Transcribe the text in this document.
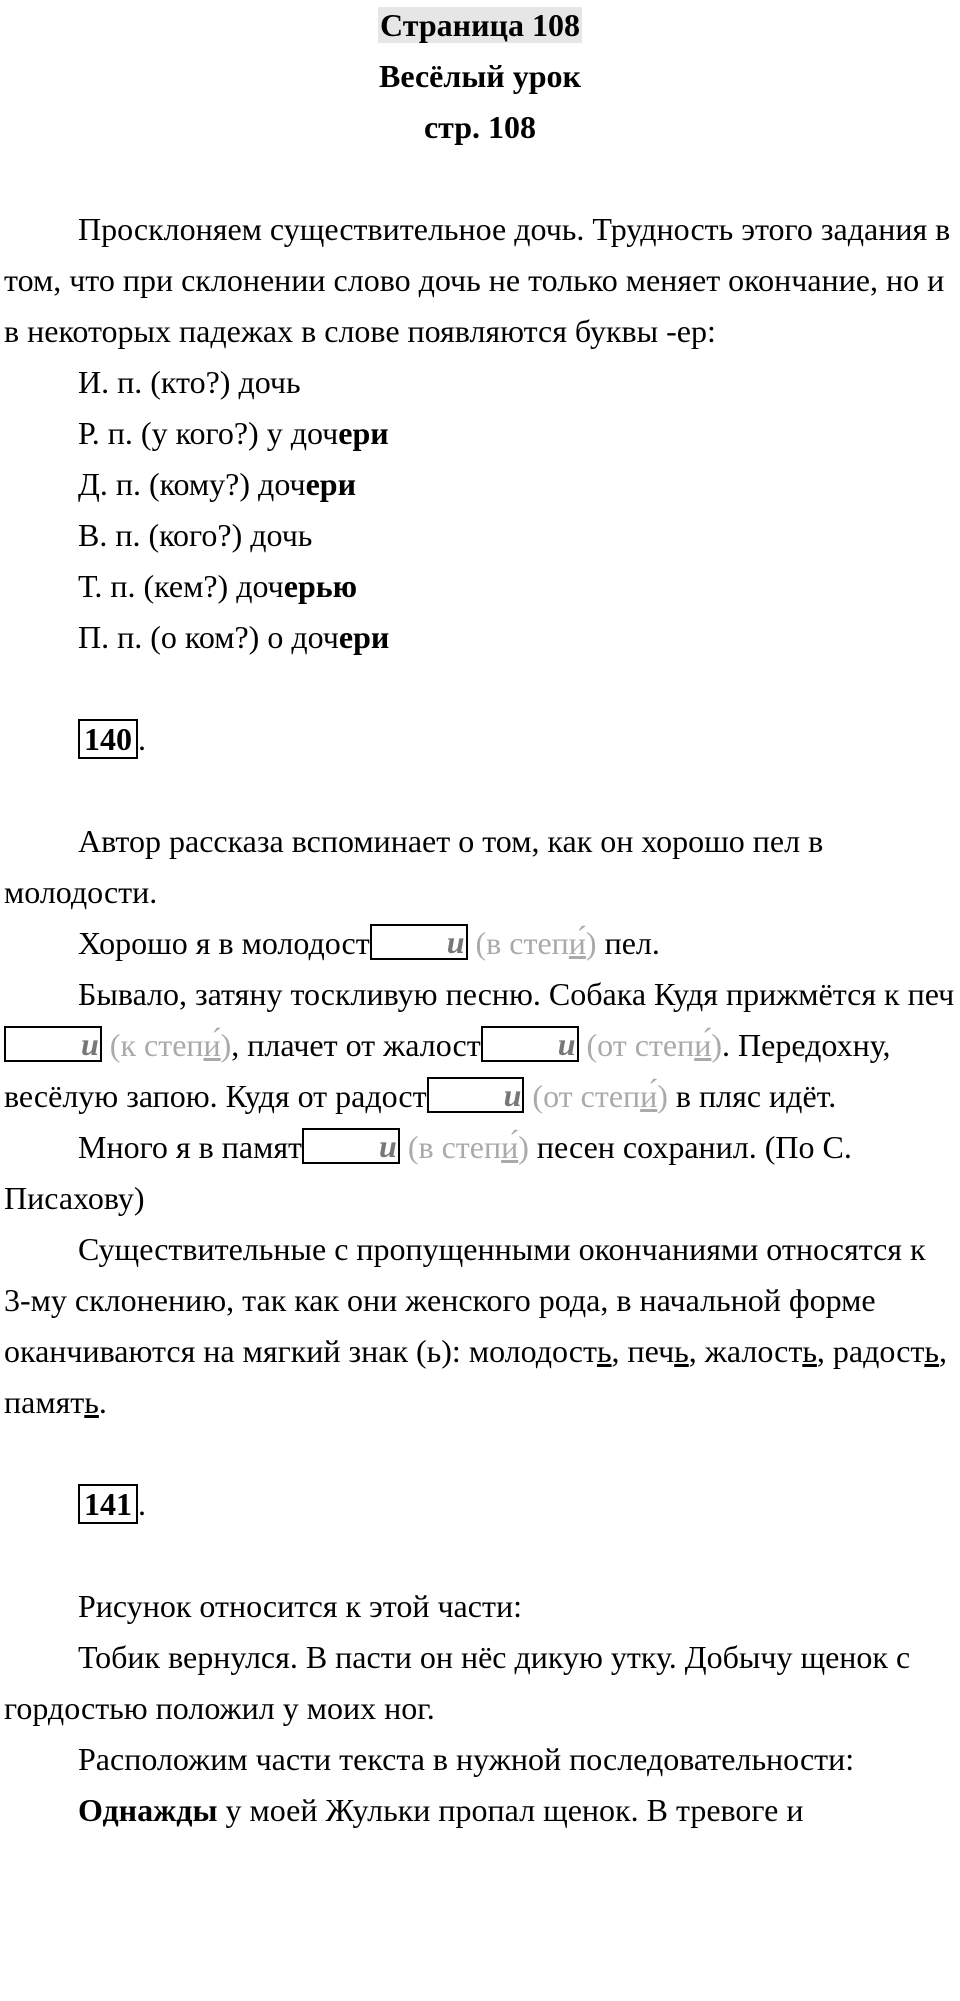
Страница 108
Весёлый урок
стр. 108

Просклоняем существительное дочь. Трудность этого задания в том, что при склонении слово дочь не только меняет окончание, но и в некоторых падежах в слове появляются буквы -ер:

И. п. (кто?) дочь

Р. п. (у кого?) у дочери

Д. п. (кому?) дочери

В. п. (кого?) дочь

Т. п. (кем?) дочерью

П. п. (о ком?) о дочери

140 .

Автор рассказа вспоминает о том, как он хорошо пел в молодости.

Хорошо я в молодост и (в степи́) пел.

Бывало, затяну тоскливую песню. Собака Кудя прижмётся к печи (к степи́), плачет от жалост и (от степи́). Передохну, весёлую запою. Кудя от радост и (от степи́) в пляс идёт.

Много я в памят и (в степи́) песен сохранил. (По С. Писахову)

Существительные с пропущенными окончаниями относятся к 3-му склонению, так как они женского рода, в начальной форме оканчиваются на мягкий знак (ь): молодость, печь, жалость, радость, память.

141 .

Рисунок относится к этой части:

Тобик вернулся. В пасти он нёс дикую утку. Добычу щенок с гордостью положил у моих ног.

Расположим части текста в нужной последовательности:

Однажды у моей Жульки пропал щенок. В тревоге и
